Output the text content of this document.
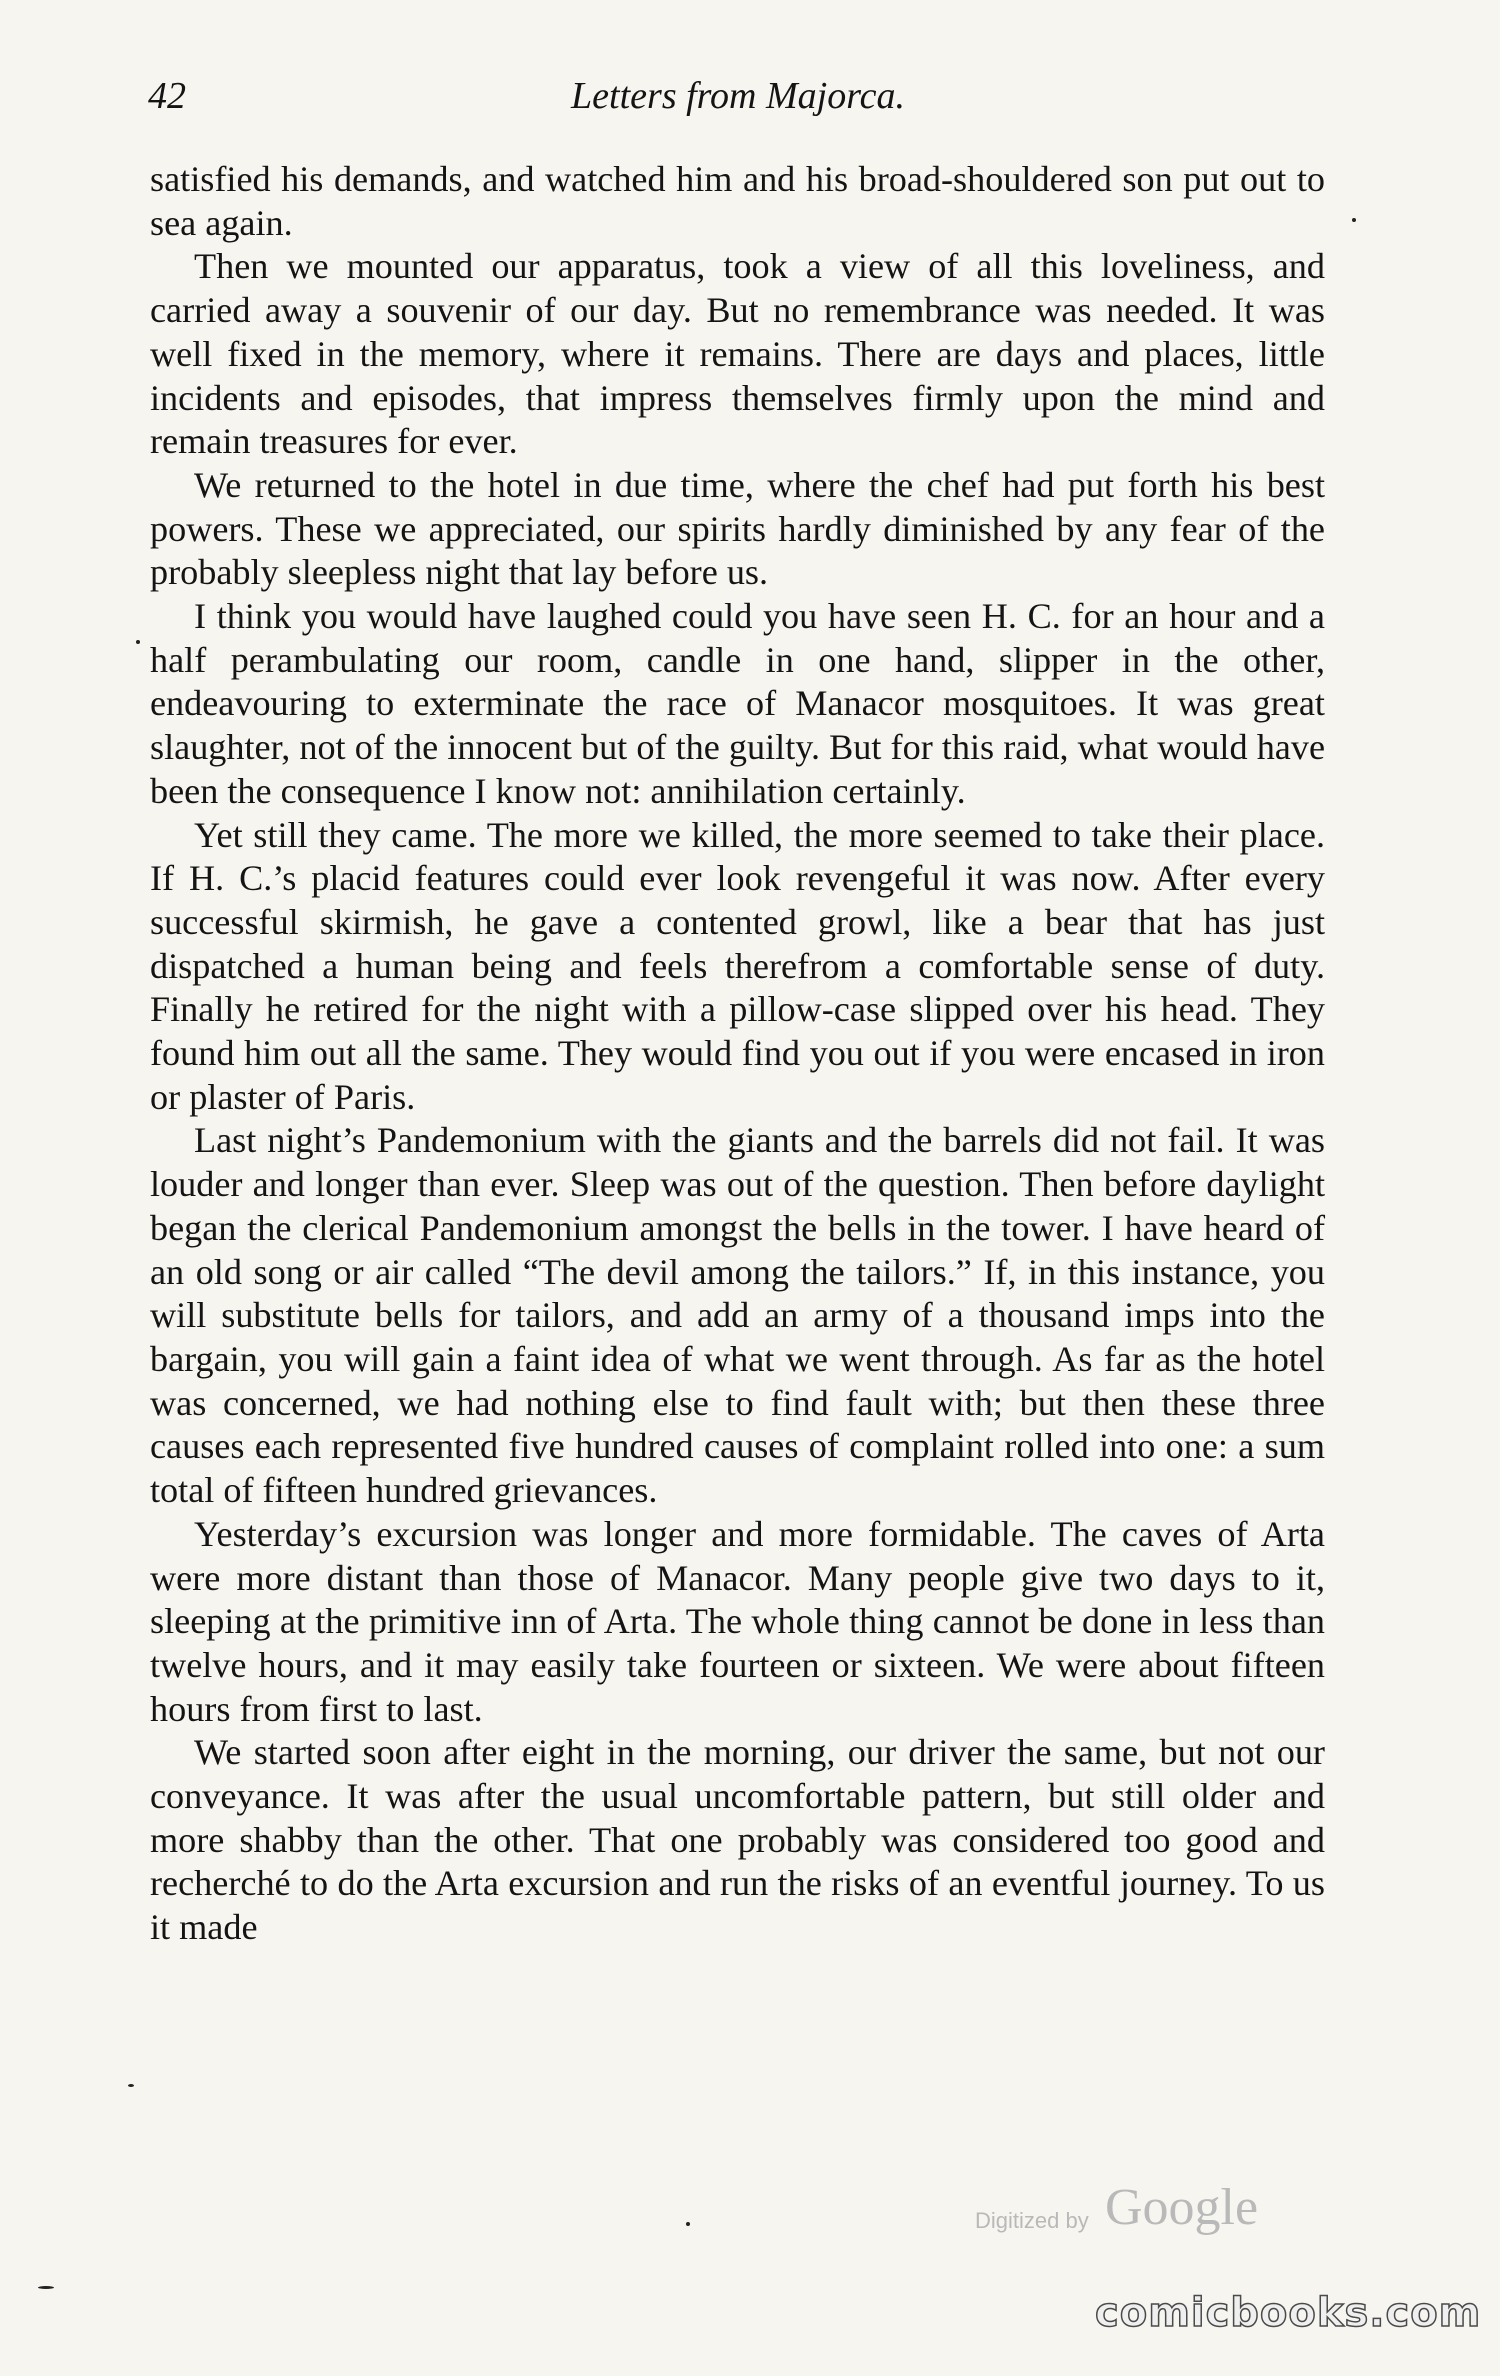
42	Letters from Majorca.

satisfied his demands, and watched him and his broad-shouldered son put out to sea again.

Then we mounted our apparatus, took a view of all this loveliness, and carried away a souvenir of our day. But no remembrance was needed. It was well fixed in the memory, where it remains. There are days and places, little incidents and episodes, that impress themselves firmly upon the mind and remain treasures for ever.

We returned to the hotel in due time, where the chef had put forth his best powers. These we appreciated, our spirits hardly diminished by any fear of the probably sleepless night that lay before us.

I think you would have laughed could you have seen H. C. for an hour and a half perambulating our room, candle in one hand, slipper in the other, endeavouring to exterminate the race of Manacor mosquitoes. It was great slaughter, not of the innocent but of the guilty. But for this raid, what would have been the consequence I know not: annihilation certainly.

Yet still they came. The more we killed, the more seemed to take their place. If H. C.’s placid features could ever look revengeful it was now. After every successful skirmish, he gave a contented growl, like a bear that has just dispatched a human being and feels therefrom a comfortable sense of duty. Finally he retired for the night with a pillow-case slipped over his head. They found him out all the same. They would find you out if you were encased in iron or plaster of Paris.

Last night’s Pandemonium with the giants and the barrels did not fail. It was louder and longer than ever. Sleep was out of the question. Then before daylight began the clerical Pandemonium amongst the bells in the tower. I have heard of an old song or air called “The devil among the tailors.” If, in this instance, you will substitute bells for tailors, and add an army of a thousand imps into the bargain, you will gain a faint idea of what we went through. As far as the hotel was concerned, we had nothing else to find fault with; but then these three causes each represented five hundred causes of complaint rolled into one: a sum total of fifteen hundred grievances.

Yesterday’s excursion was longer and more formidable. The caves of Arta were more distant than those of Manacor. Many people give two days to it, sleeping at the primitive inn of Arta. The whole thing cannot be done in less than twelve hours, and it may easily take fourteen or sixteen. We were about fifteen hours from first to last.

We started soon after eight in the morning, our driver the same, but not our conveyance. It was after the usual uncomfortable pattern, but still older and more shabby than the other. That one probably was considered too good and recherché to do the Arta excursion and run the risks of an eventful journey. To us it made

Digitized by Google
comicbooks.com
